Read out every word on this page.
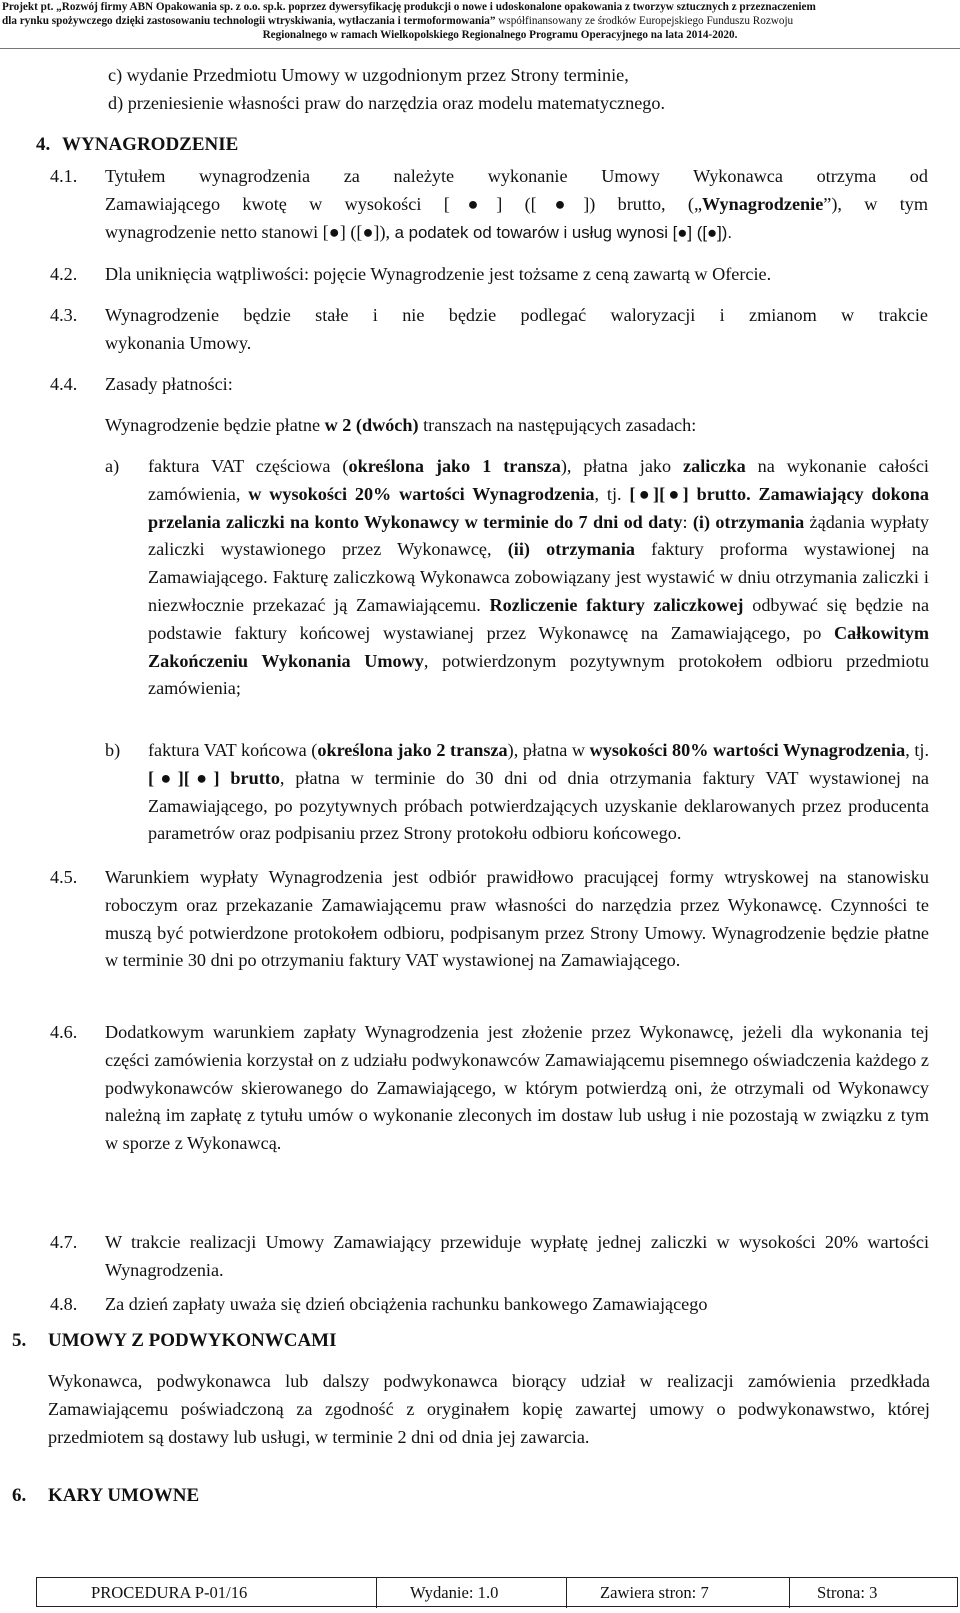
Projekt pt. „Rozwój firmy ABN Opakowania sp. z o.o. sp.k. poprzez dywersyfikację produkcji o nowe i udoskonalone opakowania z tworzyw sztucznych z przeznaczeniem
dla rynku spożywczego dzięki zastosowaniu technologii wtryskiwania, wytłaczania i termoformowania” współfinansowany ze środków Europejskiego Funduszu Rozwoju
Regionalnego w ramach Wielkopolskiego Regionalnego Programu Operacyjnego na lata 2014-2020.
c) wydanie Przedmiotu Umowy w uzgodnionym przez Strony terminie,
d) przeniesienie własności praw do narzędzia oraz modelu matematycznego.
4. WYNAGRODZENIE
4.1. Tytułem wynagrodzenia za należyte wykonanie Umowy Wykonawca otrzyma od
Zamawiającego kwotę w wysokości [●] ([●]) brutto, („Wynagrodzenie”), w tym
wynagrodzenie netto stanowi [●] ([●]), a podatek od towarów i usług wynosi [●] ([●]).
4.2. Dla uniknięcia wątpliwości: pojęcie Wynagrodzenie jest tożsame z ceną zawartą w Ofercie.
4.3. Wynagrodzenie będzie stałe i nie będzie podlegać waloryzacji i zmianom w trakcie
wykonania Umowy.
4.4. Zasady płatności:
Wynagrodzenie będzie płatne w 2 (dwóch) transzach na następujących zasadach:
a) faktura VAT częściowa (określona jako 1 transza), płatna jako zaliczka na wykonanie całości zamówienia, w wysokości 20% wartości Wynagrodzenia, tj. [●][●] brutto. Zamawiający dokona przelania zaliczki na konto Wykonawcy w terminie do 7 dni od daty: (i) otrzymania żądania wypłaty zaliczki wystawionego przez Wykonawcę, (ii) otrzymania faktury proforma wystawionej na Zamawiającego. Fakturę zaliczkową Wykonawca zobowiązany jest wystawić w dniu otrzymania zaliczki i niezwłocznie przekazać ją Zamawiającemu. Rozliczenie faktury zaliczkowej odbywać się będzie na podstawie faktury końcowej wystawianej przez Wykonawcę na Zamawiającego, po Całkowitym Zakończeniu Wykonania Umowy, potwierdzonym pozytywnym protokołem odbioru przedmiotu zamówienia;
b) faktura VAT końcowa (określona jako 2 transza), płatna w wysokości 80% wartości Wynagrodzenia, tj. [●][●] brutto, płatna w terminie do 30 dni od dnia otrzymania faktury VAT wystawionej na Zamawiającego, po pozytywnych próbach potwierdzających uzyskanie deklarowanych przez producenta parametrów oraz podpisaniu przez Strony protokołu odbioru końcowego.
4.5. Warunkiem wypłaty Wynagrodzenia jest odbiór prawidłowo pracującej formy wtryskowej na stanowisku roboczym oraz przekazanie Zamawiającemu praw własności do narzędzia przez Wykonawcę. Czynności te muszą być potwierdzone protokołem odbioru, podpisanym przez Strony Umowy. Wynagrodzenie będzie płatne w terminie 30 dni po otrzymaniu faktury VAT wystawionej na Zamawiającego.
4.6. Dodatkowym warunkiem zapłaty Wynagrodzenia jest złożenie przez Wykonawcę, jeżeli dla wykonania tej części zamówienia korzystał on z udziału podwykonawców Zamawiającemu pisemnego oświadczenia każdego z podwykonawców skierowanego do Zamawiającego, w którym potwierdzą oni, że otrzymali od Wykonawcy należną im zapłatę z tytułu umów o wykonanie zleconych im dostaw lub usług i nie pozostają w związku z tym w sporze z Wykonawcą.
4.7. W trakcie realizacji Umowy Zamawiający przewiduje wypłatę jednej zaliczki w wysokości 20% wartości Wynagrodzenia.
4.8. Za dzień zapłaty uważa się dzień obciążenia rachunku bankowego Zamawiającego
5. UMOWY Z PODWYKONWCAMI
Wykonawca, podwykonawca lub dalszy podwykonawca biorący udział w realizacji zamówienia przedkłada Zamawiającemu poświadczoną za zgodność z oryginałem kopię zawartej umowy o podwykonawstwo, której przedmiotem są dostawy lub usługi, w terminie 2 dni od dnia jej zawarcia.
6. KARY UMOWNE
PROCEDURA P-01/16	Wydanie: 1.0	Zawiera stron: 7	Strona: 3
